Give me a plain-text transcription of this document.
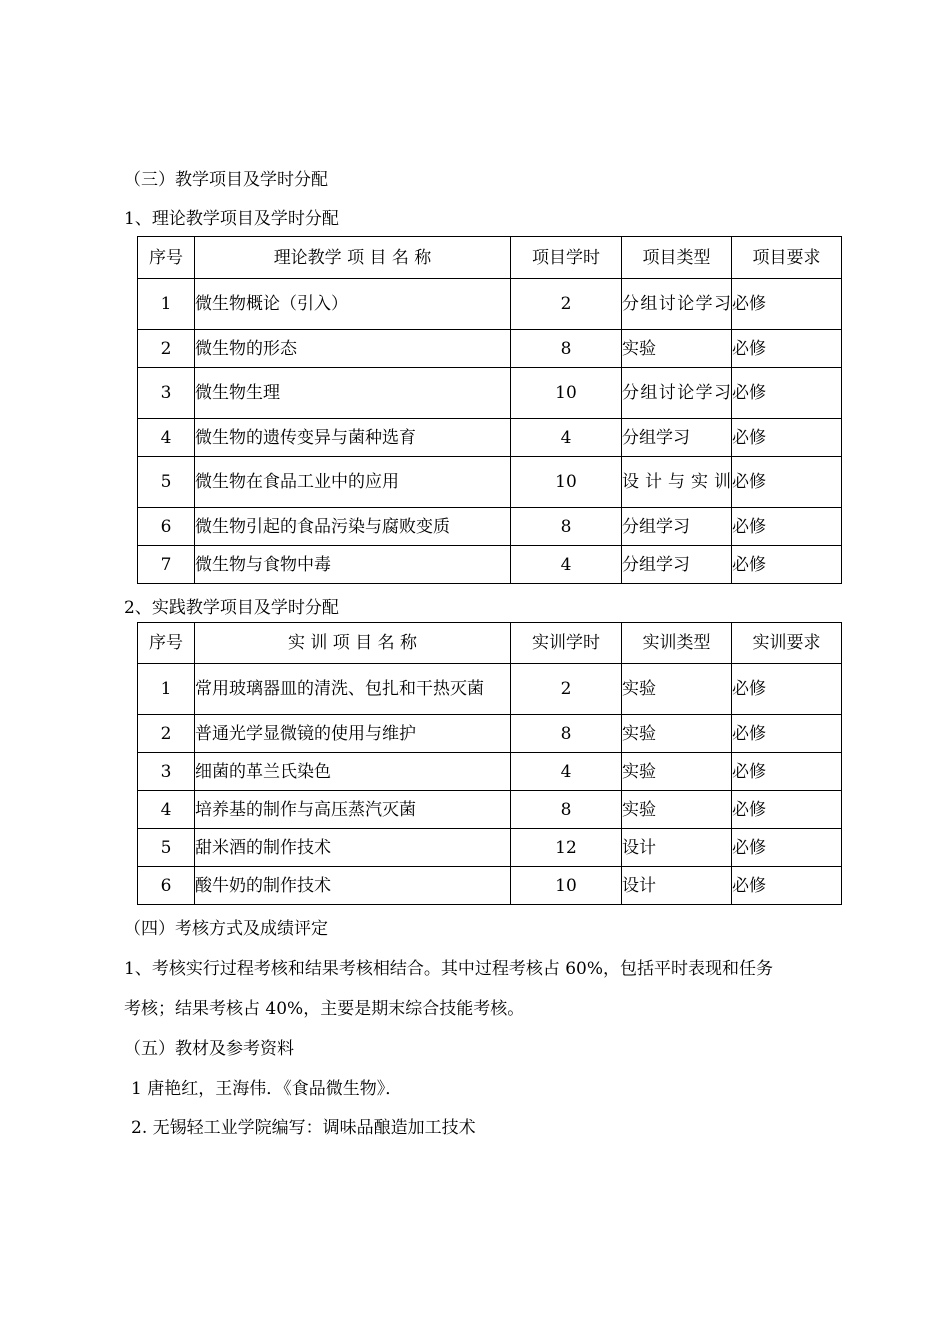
（三）教学项目及学时分配
1、理论教学项目及学时分配
序号	理论教学 项 目 名 称	项目学时	项目类型	项目要求
1	微生物概论（引入）	2	分组讨论学习	必修
2	微生物的形态	8	实验	必修
3	微生物生理	10	分组讨论学习	必修
4	微生物的遗传变异与菌种选育	4	分组学习	必修
5	微生物在食品工业中的应用	10	设计与实训	必修
6	微生物引起的食品污染与腐败变质	8	分组学习	必修
7	微生物与食物中毒	4	分组学习	必修
2、实践教学项目及学时分配
序号	实 训 项 目 名 称	实训学时	实训类型	实训要求
1	常用玻璃器皿的清洗、包扎和干热灭菌	2	实验	必修
2	普通光学显微镜的使用与维护	8	实验	必修
3	细菌的革兰氏染色	4	实验	必修
4	培养基的制作与高压蒸汽灭菌	8	实验	必修
5	甜米酒的制作技术	12	设计	必修
6	酸牛奶的制作技术	10	设计	必修
（四）考核方式及成绩评定
1、考核实行过程考核和结果考核相结合。其中过程考核占 60%，包括平时表现和任务
考核；结果考核占 40%，主要是期末综合技能考核。
（五）教材及参考资料
1 唐艳红，王海伟．《食品微生物》．
2. 无锡轻工业学院编写：调味品酿造加工技术
